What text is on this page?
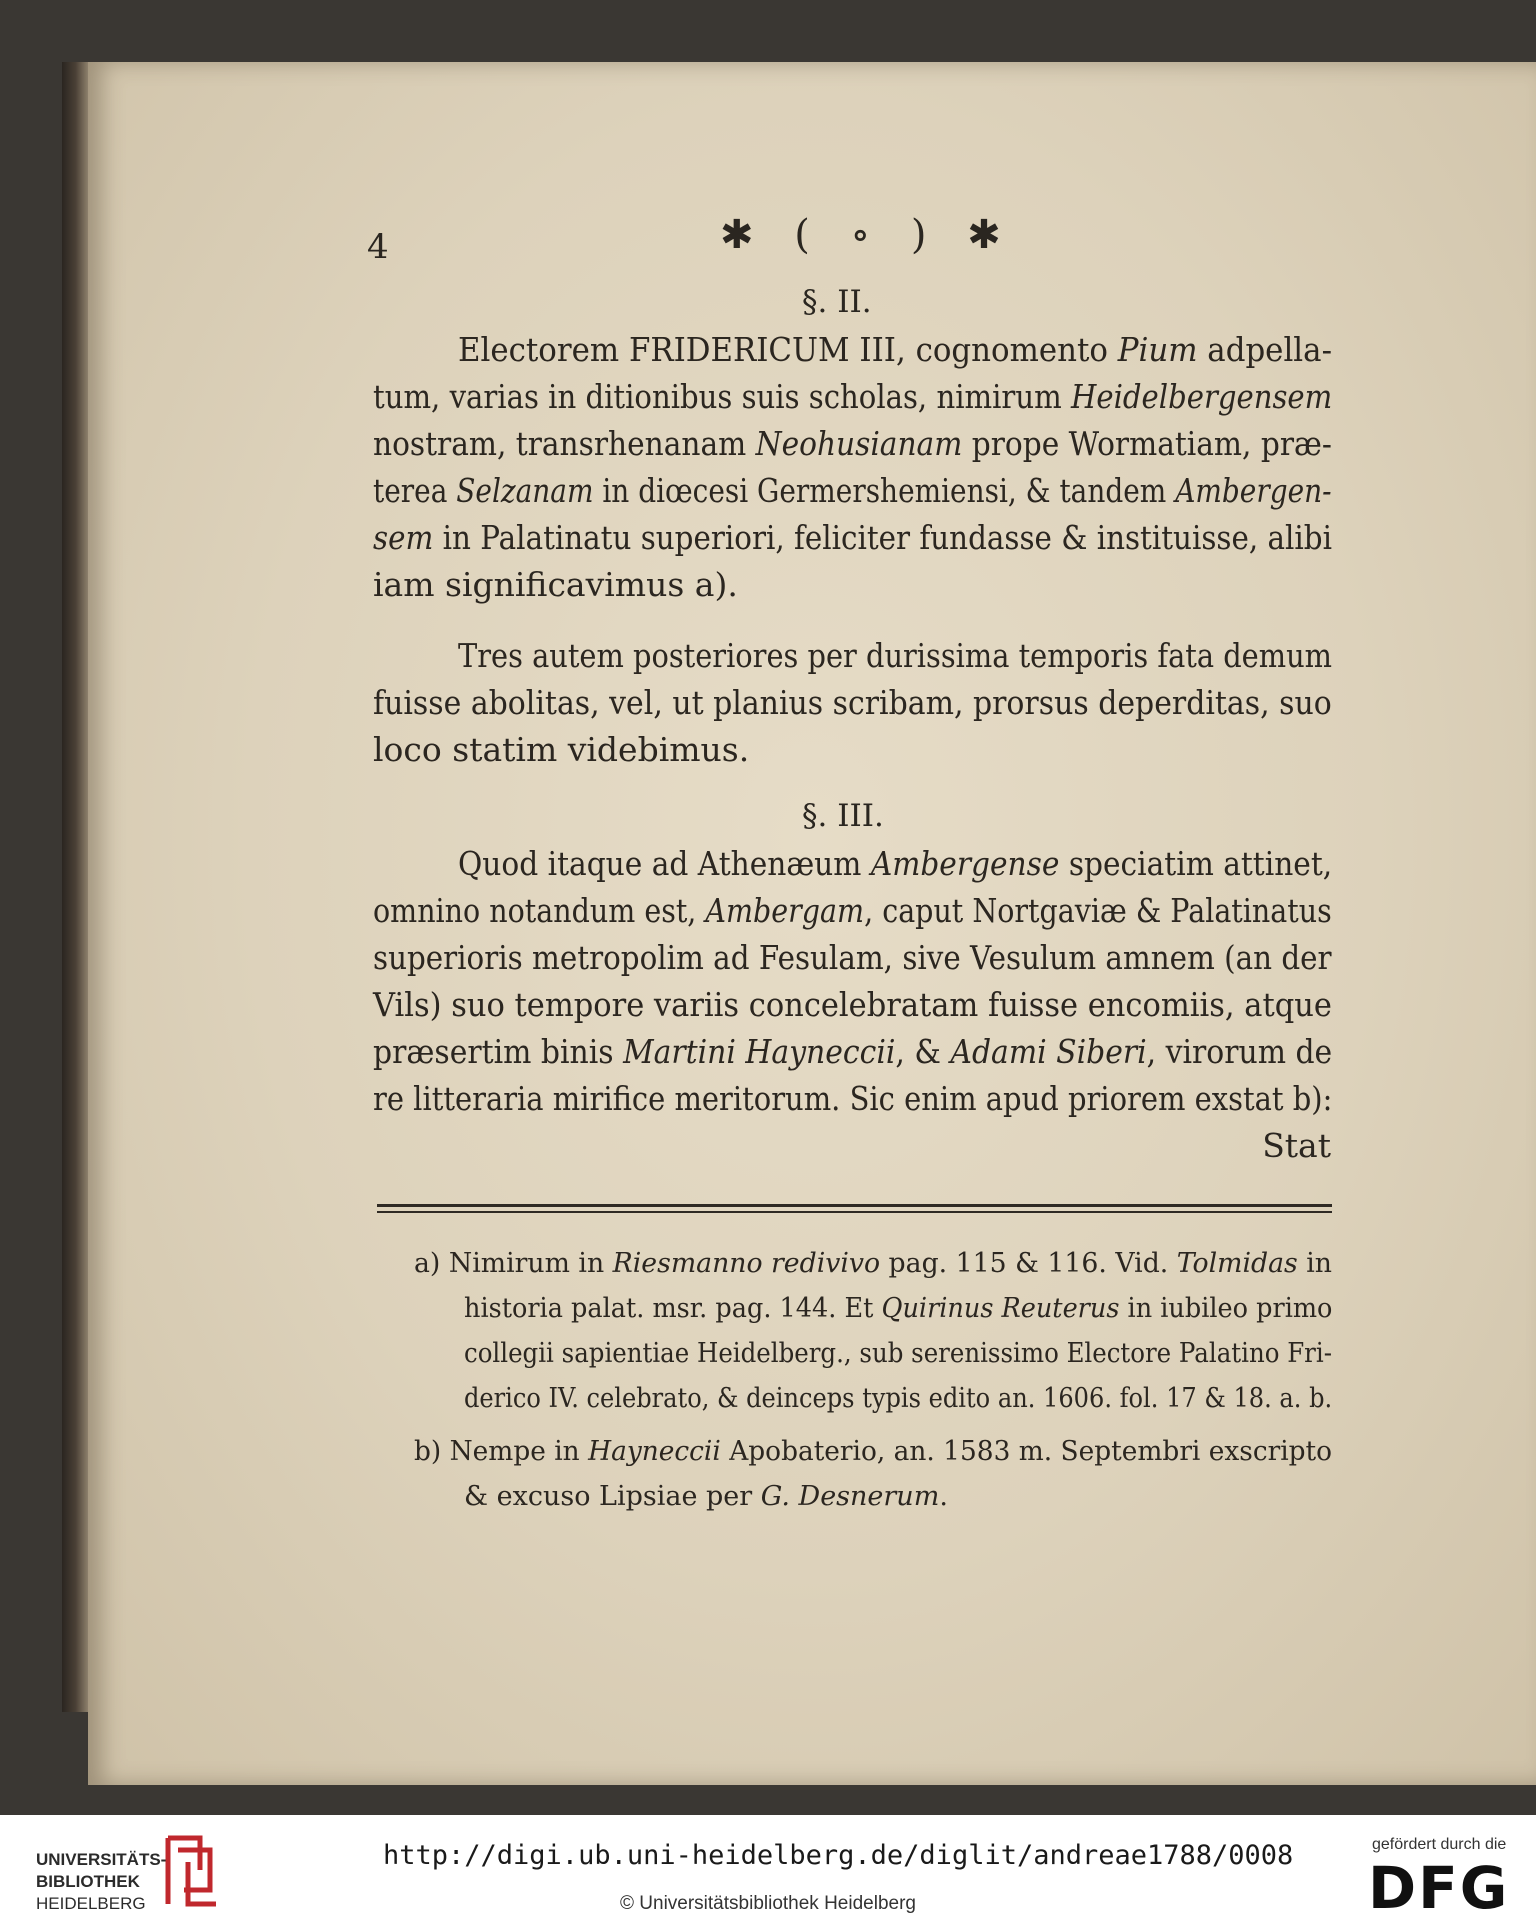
4	✱ ( ∘ ) ✱
§. II.
Electorem FRIDERICUM III, cognomento Pium adpella-
tum, varias in ditionibus suis scholas, nimirum Heidelbergensem
nostram, transrhenanam Neohusianam prope Wormatiam, præ-
terea Selzanam in diœcesi Germershemiensi, & tandem Ambergen-
sem in Palatinatu superiori, feliciter fundasse & instituisse, alibi
iam significavimus a).
Tres autem posteriores per durissima temporis fata demum
fuisse abolitas, vel, ut planius scribam, prorsus deperditas, suo
loco statim videbimus.
Quod itaque ad Athenæum Ambergense speciatim attinet,
omnino notandum est, Ambergam, caput Nortgaviæ & Palatinatus
superioris metropolim ad Fesulam, sive Vesulum amnem (an der
Vils) suo tempore variis concelebratam fuisse encomiis, atque
præsertim binis Martini Hayneccii, & Adami Siberi, virorum de
re litteraria mirifice meritorum. Sic enim apud priorem exstat b):
§. III.
Stat
a) Nimirum in Riesmanno redivivo pag. 115 & 116. Vid. Tolmidas in
historia palat. msr. pag. 144. Et Quirinus Reuterus in iubileo primo
collegii sapientiae Heidelberg., sub serenissimo Electore Palatino Fri-
derico IV. celebrato, & deinceps typis edito an. 1606. fol. 17 & 18. a. b.
b) Nempe in Hayneccii Apobaterio, an. 1583 m. Septembri exscripto
& excuso Lipsiae per G. Desnerum.
UNIVERSITÄTS-
BIBLIOTHEK
HEIDELBERG
http://digi.ub.uni-heidelberg.de/diglit/andreae1788/0008
© Universitätsbibliothek Heidelberg
gefördert durch die
DFG
